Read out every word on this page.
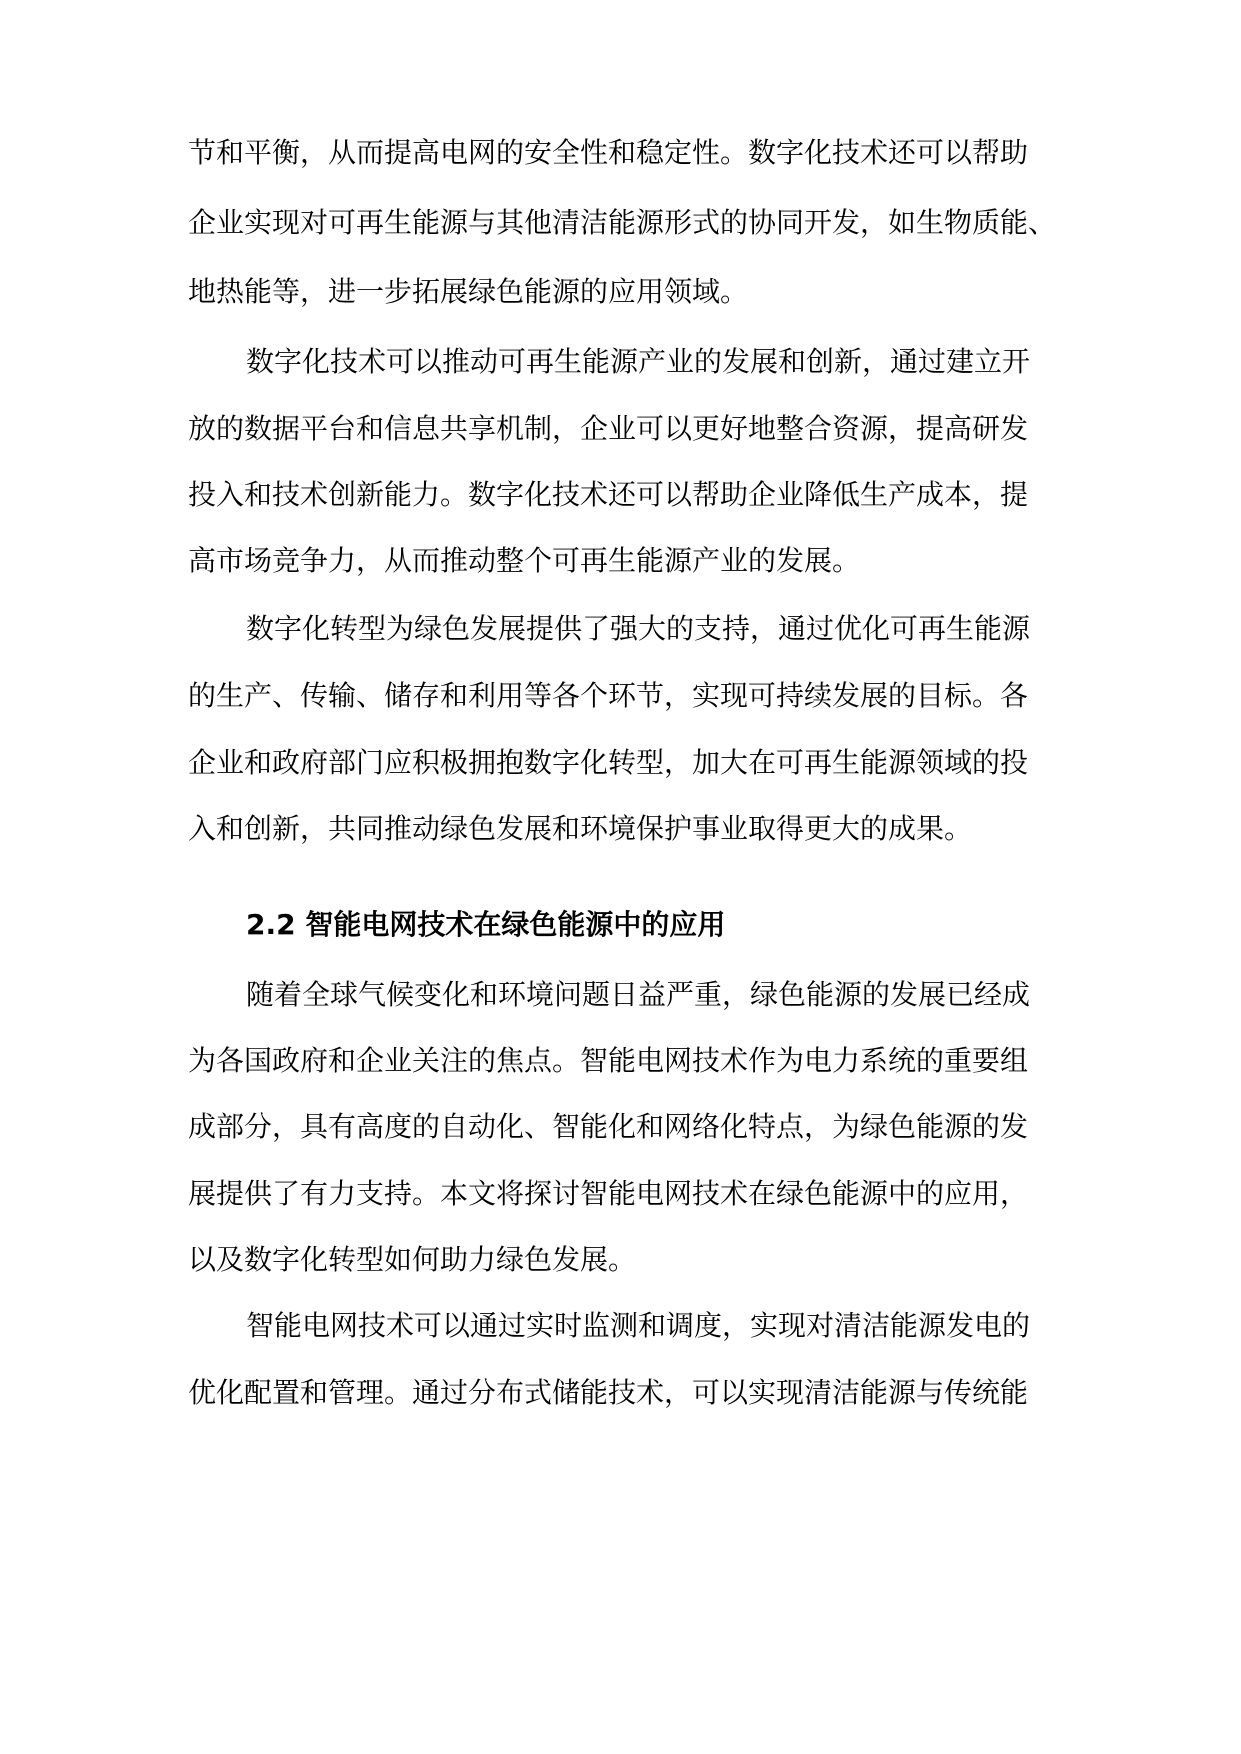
节和平衡，从而提高电网的安全性和稳定性。数字化技术还可以帮助
企业实现对可再生能源与其他清洁能源形式的协同开发，如生物质能、
地热能等，进一步拓展绿色能源的应用领域。
数字化技术可以推动可再生能源产业的发展和创新，通过建立开
放的数据平台和信息共享机制，企业可以更好地整合资源，提高研发
投入和技术创新能力。数字化技术还可以帮助企业降低生产成本，提
高市场竞争力，从而推动整个可再生能源产业的发展。
数字化转型为绿色发展提供了强大的支持，通过优化可再生能源
的生产、传输、储存和利用等各个环节，实现可持续发展的目标。各
企业和政府部门应积极拥抱数字化转型，加大在可再生能源领域的投
入和创新，共同推动绿色发展和环境保护事业取得更大的成果。
2.2 智能电网技术在绿色能源中的应用
随着全球气候变化和环境问题日益严重，绿色能源的发展已经成
为各国政府和企业关注的焦点。智能电网技术作为电力系统的重要组
成部分，具有高度的自动化、智能化和网络化特点，为绿色能源的发
展提供了有力支持。本文将探讨智能电网技术在绿色能源中的应用，
以及数字化转型如何助力绿色发展。
智能电网技术可以通过实时监测和调度，实现对清洁能源发电的
优化配置和管理。通过分布式储能技术，可以实现清洁能源与传统能
